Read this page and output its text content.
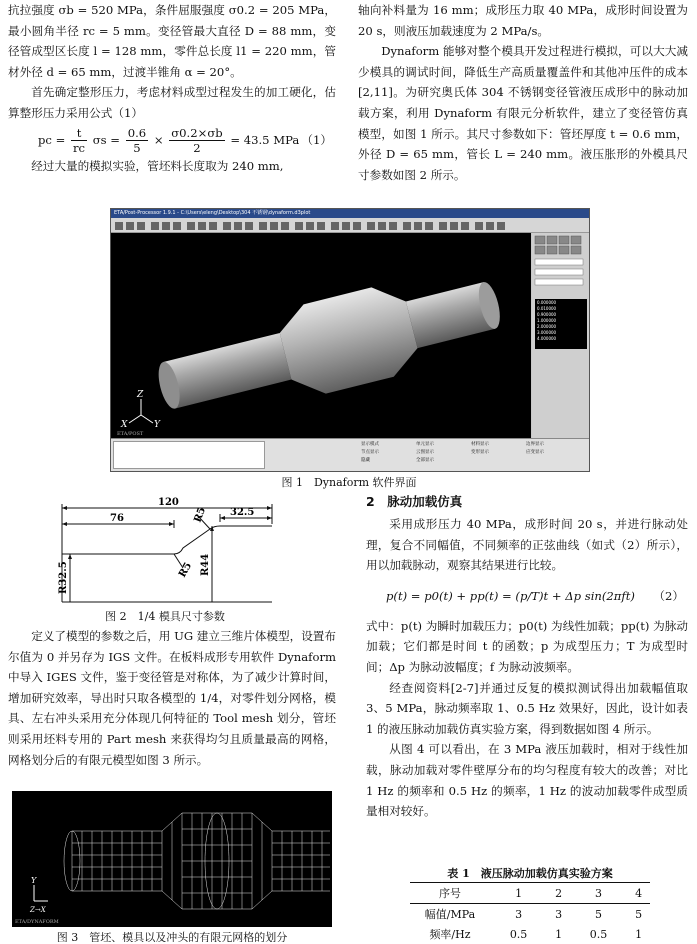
抗拉强度 σb = 520 MPa，条件屈服强度 σ0.2 = 205 MPa，最小圆角半径 rc = 5 mm。变径管最大直径 D = 88 mm，变径管成型区长度 l = 128 mm，零件总长度 l1 = 220 mm，管材外径 d = 65 mm，过渡半锥角 α = 20°。

首先确定整形压力，考虑材料成型过程发生的加工硬化，估算整形压力采用公式（1）

pc = $\frac{t}{rc}$ $\sigma s = \frac{0.6}{5} \times \frac{\sigma 0.2\times\sigma b}{2} = 43.5$ MPa （1）

经过大量的模拟实验，管坯料长度取为 240 mm,

轴向补料量为 16 mm；成形压力取 40 MPa，成形时间设置为 20 s，则液压加载速度为 2 MPa/s。

Dynaform 能够对整个模具开发过程进行模拟，可以大大减少模具的调试时间，降低生产高质量覆盖件和其他冲压件的成本[2,11]。为研究奥氏体 304 不锈钢变径管液压成形中的脉动加载方案，利用 Dynaform 有限元分析软件，建立了变径管仿真模型，如图 1 所示。其尺寸参数如下：管坯厚度 t = 0.6 mm，外径 D = 65 mm，管长 L = 240 mm。液压胀形的外模具尺寸参数如图 2 所示。

ETA/Post-Processor 1.9.1 - C:\Users\eleng\Desktop\304 不锈钢\dynaform.d3plot
Z
X	Y
ETA/POST
0.000000
0.010000
0.900000
1.000000
2.000000
3.000000
4.000000
显示模式	单元显示	材料显示	边界显示
节点显示	云图显示	变形显示	应变显示
隐藏	全部显示
图 1　Dynaform 软件界面
120
76	R5 32.5
R5
R32.5	R44
图 2　1/4 模具尺寸参数

定义了模型的参数之后，用 UG 建立三维片体模型，设置布尔值为 0 并另存为 IGS 文件。在板料成形专用软件 Dynaform 中导入 IGES 文件，鉴于变径管是对称体，为了减少计算时间，增加研究效率，导出时只取各模型的 1/4，对零件划分网格，模具、左右冲头采用充分体现几何特征的 Tool mesh 划分，管坯则采用坯料专用的 Part mesh 来获得均匀且质量最高的网格，网格划分后的有限元模型如图 3 所示。

Y
Z→X
ETA/DYNAFORM
图 3　管坯、模具以及冲头的有限元网格的划分
2　脉动加载仿真

采用成形压力 40 MPa，成形时间 20 s，并进行脉动处理，复合不同幅值，不同频率的正弦曲线（如式（2）所示），用以加载脉动，观察其结果进行比较。

p(t) = p0(t) + pp(t) = (p/T)t + Δp sin(2πft) （2）

式中：p(t) 为瞬时加载压力；p0(t) 为线性加载；pp(t) 为脉动加载；它们都是时间 t 的函数；p 为成型压力；T 为成型时间；Δp 为脉动波幅度；f 为脉动波频率。

经查阅资料[2-7]并通过反复的模拟测试得出加载幅值取 3、5 MPa，脉动频率取 1、0.5 Hz 效果好，因此，设计如表 1 的液压脉动加载仿真实验方案，得到数据如图 4 所示。

从图 4 可以看出，在 3 MPa 液压加载时，相对于线性加载，脉动加载对零件壁厚分布的均匀程度有较大的改善；对比 1 Hz 的频率和 0.5 Hz 的频率，1 Hz 的波动加载零件成型质量相对较好。

表 1　液压脉动加载仿真实验方案
序号	1	2	3	4
幅值/MPa	3	3	5	5
频率/Hz	0.5	1	0.5	1
